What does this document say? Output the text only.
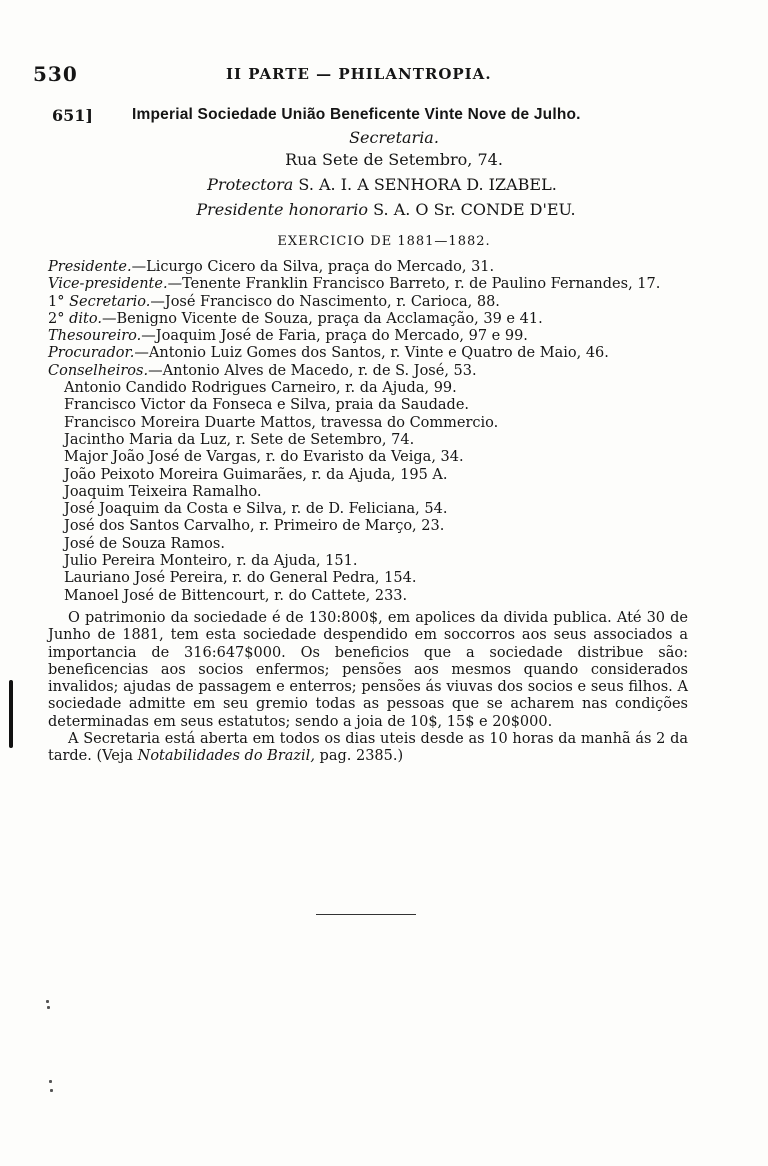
530	II PARTE — PHILANTROPIA.
651]	Imperial Sociedade União Beneficente Vinte Nove de Julho.
Secretaria.
Rua Sete de Setembro, 74.
Protectora S. A. I. A SENHORA D. IZABEL.
Presidente honorario S. A. O Sr. CONDE D'EU.
EXERCICIO DE 1881—1882.
Presidente.—Licurgo Cicero da Silva, praça do Mercado, 31.
Vice-presidente.—Tenente Franklin Francisco Barreto, r. de Paulino Fernandes, 17.
1° Secretario.—José Francisco do Nascimento, r. Carioca, 88.
2° dito.—Benigno Vicente de Souza, praça da Acclamação, 39 e 41.
Thesoureiro.—Joaquim José de Faria, praça do Mercado, 97 e 99.
Procurador.—Antonio Luiz Gomes dos Santos, r. Vinte e Quatro de Maio, 46.
Conselheiros.—Antonio Alves de Macedo, r. de S. José, 53.
Antonio Candido Rodrigues Carneiro, r. da Ajuda, 99.
Francisco Victor da Fonseca e Silva, praia da Saudade.
Francisco Moreira Duarte Mattos, travessa do Commercio.
Jacintho Maria da Luz, r. Sete de Setembro, 74.
Major João José de Vargas, r. do Evaristo da Veiga, 34.
João Peixoto Moreira Guimarães, r. da Ajuda, 195 A.
Joaquim Teixeira Ramalho.
José Joaquim da Costa e Silva, r. de D. Feliciana, 54.
José dos Santos Carvalho, r. Primeiro de Março, 23.
José de Souza Ramos.
Julio Pereira Monteiro, r. da Ajuda, 151.
Lauriano José Pereira, r. do General Pedra, 154.
Manoel José de Bittencourt, r. do Cattete, 233.

O patrimonio da sociedade é de 130:800$, em apolices da divida publica. Até 30 de Junho de 1881, tem esta sociedade despendido em soccorros aos seus associados a importancia de 316:647$000. Os beneficios que a sociedade distribue são: beneficencias aos socios enfermos; pensões aos mesmos quando considerados invalidos; ajudas de passagem e enterros; pensões ás viuvas dos socios e seus filhos. A sociedade admitte em seu gremio todas as pessoas que se acharem nas condições determinadas em seus estatutos; sendo a joia de 10$, 15$ e 20$000.

A Secretaria está aberta em todos os dias uteis desde as 10 horas da manhã ás 2 da tarde. (Veja Notabilidades do Brazil, pag. 2385.)
